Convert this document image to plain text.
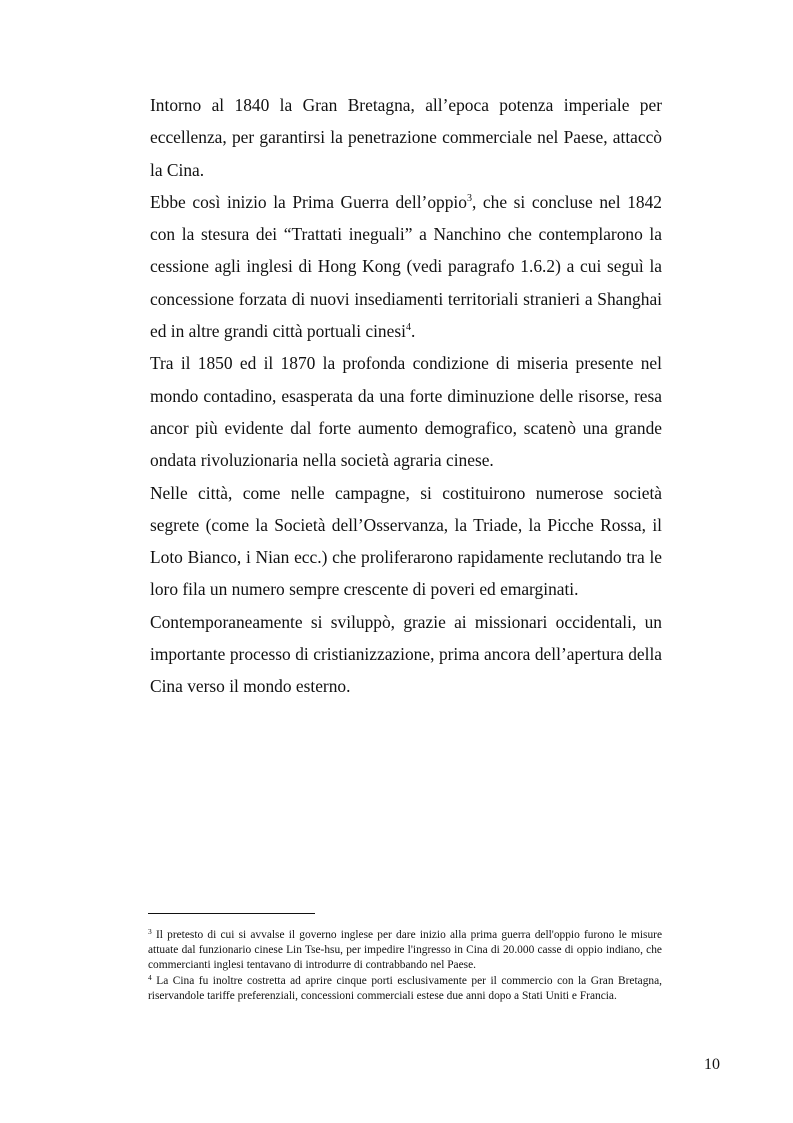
Intorno al 1840 la Gran Bretagna, all’epoca potenza imperiale per eccellenza, per garantirsi la penetrazione commerciale nel Paese, attaccò la Cina.

Ebbe così inizio la Prima Guerra dell’oppio$^3$, che si concluse nel 1842 con la stesura dei “Trattati ineguali” a Nanchino che contemplarono la cessione agli inglesi di Hong Kong (vedi paragrafo 1.6.2) a cui seguì la concessione forzata di nuovi insediamenti territoriali stranieri a Shanghai ed in altre grandi città portuali cinesi$^4$.

Tra il 1850 ed il 1870 la profonda condizione di miseria presente nel mondo contadino, esasperata da una forte diminuzione delle risorse, resa ancor più evidente dal forte aumento demografico, scatenò una grande ondata rivoluzionaria nella società agraria cinese.

Nelle città, come nelle campagne, si costituirono numerose società segrete (come la Società dell’Osservanza, la Triade, la Picche Rossa, il Loto Bianco, i Nian ecc.) che proliferarono rapidamente reclutando tra le loro fila un numero sempre crescente di poveri ed emarginati.

Contemporaneamente si sviluppò, grazie ai missionari occidentali, un importante processo di cristianizzazione, prima ancora dell’apertura della Cina verso il mondo esterno.

$^3$ Il pretesto di cui si avvalse il governo inglese per dare inizio alla prima guerra dell'oppio furono le misure attuate dal funzionario cinese Lin Tse-hsu, per impedire l'ingresso in Cina di 20.000 casse di oppio indiano, che commercianti inglesi tentavano di introdurre di contrabbando nel Paese.

$^4$ La Cina fu inoltre costretta ad aprire cinque porti esclusivamente per il commercio con la Gran Bretagna, riservandole tariffe preferenziali, concessioni commerciali estese due anni dopo a Stati Uniti e Francia.

10
